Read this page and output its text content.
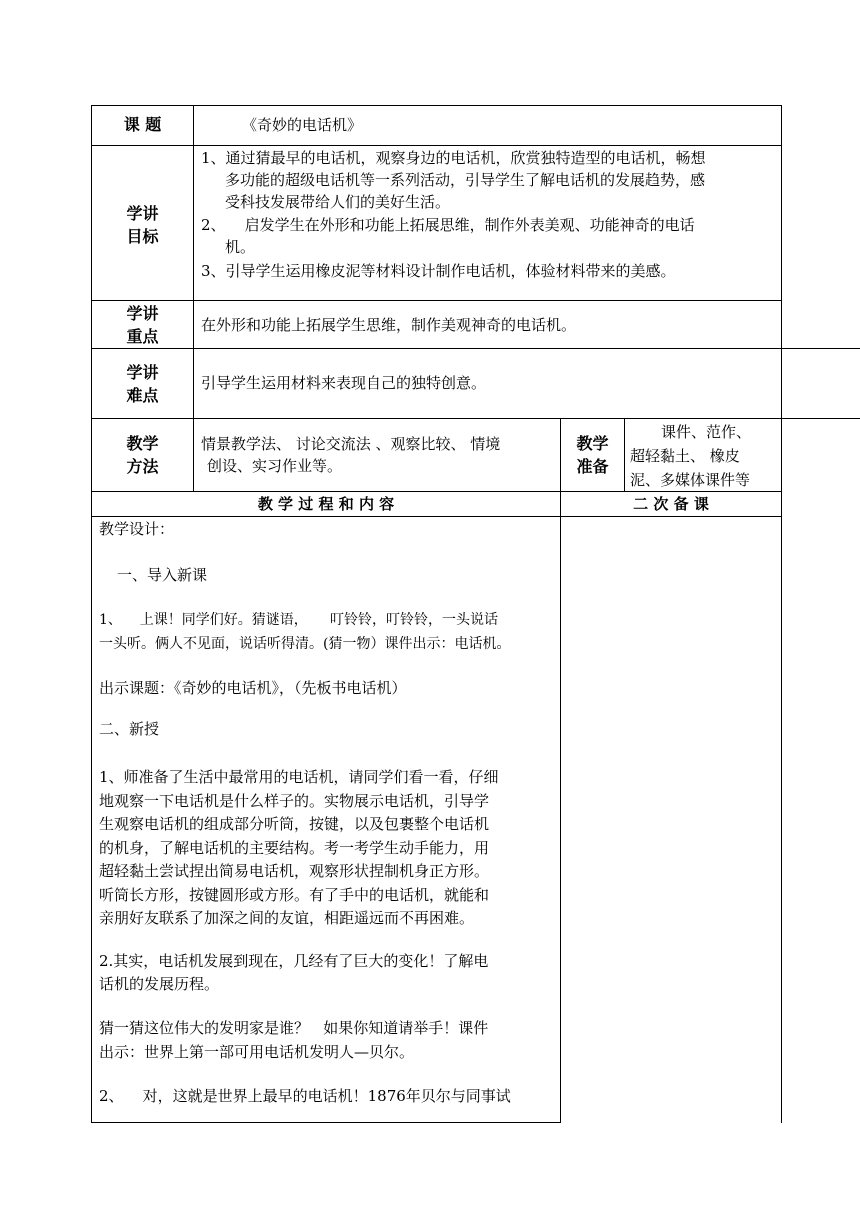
课 题	《奇妙的电话机》
学讲
目标
1、通过猜最早的电话机，观察身边的电话机，欣赏独特造型的电话机，畅想
多功能的超级电话机等一系列活动，引导学生了解电话机的发展趋势，感
受科技发展带给人们的美好生活。
2、    启发学生在外形和功能上拓展思维，制作外表美观、功能神奇的电话
机。
3、引导学生运用橡皮泥等材料设计制作电话机，体验材料带来的美感。
学讲
重点
在外形和功能上拓展学生思维，制作美观神奇的电话机。
学讲
难点
引导学生运用材料来表现自己的独特创意。
教学
方法
情景教学法、 讨论交流法 、观察比较、 情境
创设、实习作业等。
教学
准备
课件、范作、
超轻黏土、 橡皮
泥、多媒体课件等
教 学 过 程 和 内 容	二 次 备 课
教学设计：
一、导入新课
1、    上课！同学们好。猜谜语，     叮铃铃，叮铃铃，一头说话
一头听。俩人不见面，说话听得清。(猜一物）课件出示：电话机。
出示课题：《奇妙的电话机》，（先板书电话机）
二、新授
1、师准备了生活中最常用的电话机，请同学们看一看，仔细
地观察一下电话机是什么样子的。实物展示电话机，引导学
生观察电话机的组成部分听筒，按键，以及包裹整个电话机
的机身，了解电话机的主要结构。考一考学生动手能力，用
超轻黏土尝试捏出简易电话机，观察形状捏制机身正方形。
听筒长方形，按键圆形或方形。有了手中的电话机，就能和
亲朋好友联系了加深之间的友谊，相距遥远而不再困难。
2.其实，电话机发展到现在，几经有了巨大的变化！了解电
话机的发展历程。
猜一猜这位伟大的发明家是谁？   如果你知道请举手！课件
出示：世界上第一部可用电话机发明人—贝尔。
2、    对，这就是世界上最早的电话机！1876年贝尔与同事试
